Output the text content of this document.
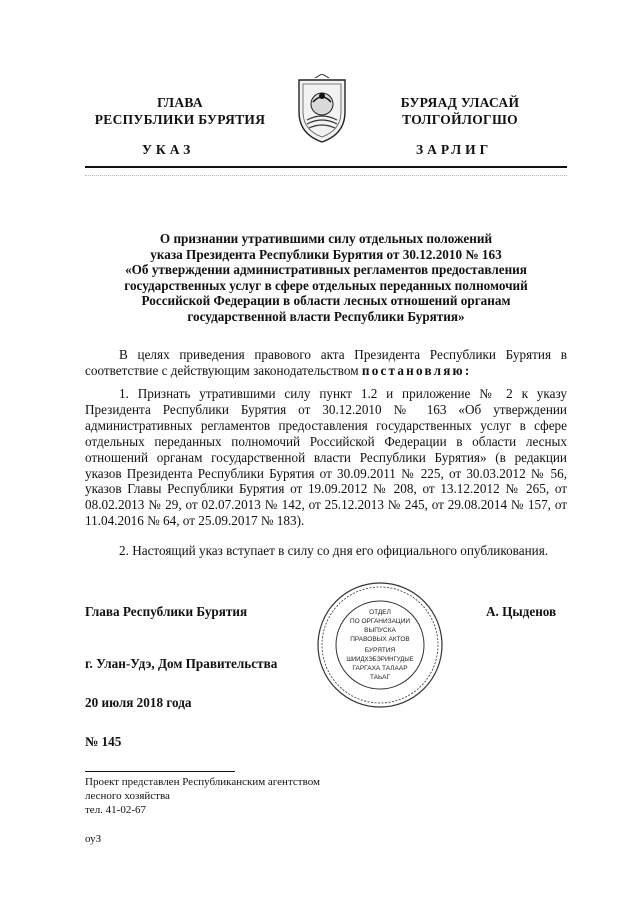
ГЛАВА
РЕСПУБЛИКИ БУРЯТИЯ
БУРЯАД УЛАСАЙ
ТОЛГОЙЛОГШО
УКАЗ	ЗАРЛИГ
О признании утратившими силу отдельных положений
указа Президента Республики Бурятия от 30.12.2010 № 163
«Об утверждении административных регламентов предоставления
государственных услуг в сфере отдельных переданных полномочий
Российской Федерации в области лесных отношений органам
государственной власти Республики Бурятия»

В целях приведения правового акта Президента Республики Бурятия в соответствие с действующим законодательством постановляю:

1. Признать утратившими силу пункт 1.2 и приложение № 2 к указу Президента Республики Бурятия от 30.12.2010 № 163 «Об утверждении административных регламентов предоставления государственных услуг в сфере отдельных переданных полномочий Российской Федерации в области лесных отношений органам государственной власти Республики Бурятия» (в редакции указов Президента Республики Бурятия от 30.09.2011 № 225, от 30.03.2012 № 56, указов Главы Республики Бурятия от 19.09.2012 № 208, от 13.12.2012 № 265, от 08.02.2013 № 29, от 02.07.2013 № 142, от 25.12.2013 № 245, от 29.08.2014 № 157, от 11.04.2016 № 64, от 25.09.2017 № 183).

2. Настоящий указ вступает в силу со дня его официального опубликования.

Глава Республики Бурятия	А. Цыденов
ОТДЕЛ
ПО ОРГАНИЗАЦИИ
ВЫПУСКА
ПРАВОВЫХ АКТОВ
БУРЯТИЯ
ШИИДХЭБЭРИНГУДЫЕ
ГАРГАХА ТАЛААР
ТАЬАГ
г. Улан-Удэ, Дом Правительства
20 июля 2018 года
№ 145
Проект представлен Республиканским агентством
лесного хозяйства
тел. 41-02-67
оуЗ
